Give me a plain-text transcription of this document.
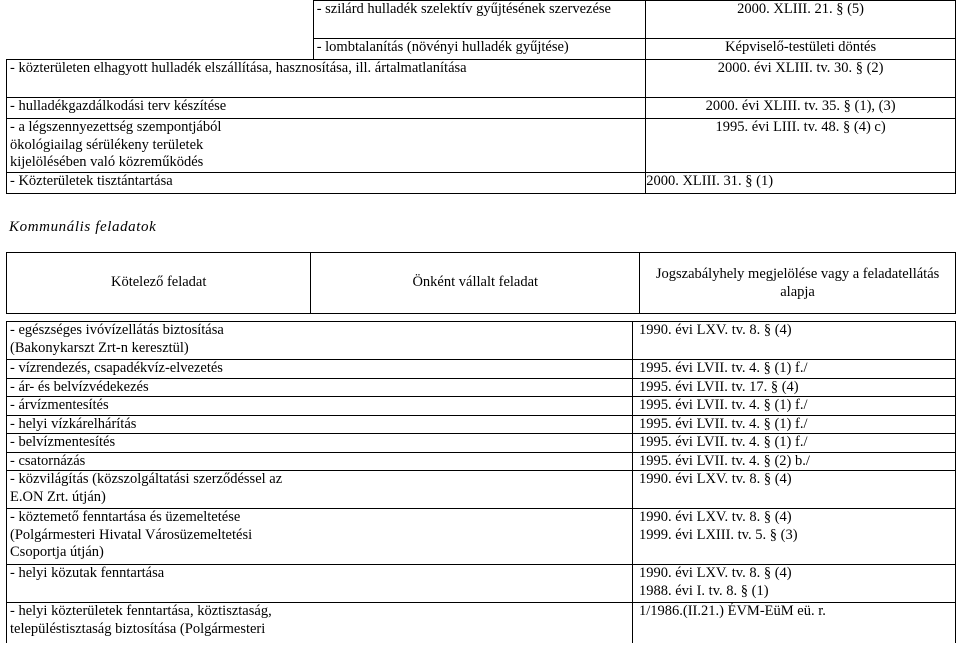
	- szilárd hulladék szelektív gyűjtésének szervezése	2000. XLIII. 21. § (5)
	- lombtalanítás (növényi hulladék gyűjtése)	Képviselő-testületi döntés

- közterületen elhagyott hulladék elszállítása, hasznosítása, ill. ártalmatlanítása		2000. évi XLIII. tv. 30. § (2)
- hulladékgazdálkodási terv készítése		2000. évi XLIII. tv. 35. § (1), (3)

- a légszennyezettség szempontjából ökológiailag sérülékeny területek kijelölésében való közreműködés		1995. évi LIII. tv. 48. § (4) c)
- Közterületek tisztántartása		2000. XLIII. 31. § (1)
Kommunális feladatok
Kötelező feladat	Önként vállalt feladat	Jogszabályhely megjelölése vagy a feladatellátás alapja
- egészséges ivóvízellátás biztosítása (Bakonykarszt Zrt-n keresztül)	1990. évi LXV. tv. 8. § (4)
- vízrendezés, csapadékvíz-elvezetés	1995. évi LVII. tv. 4. § (1) f./
- ár- és belvízvédekezés	1995. évi LVII. tv. 17. § (4)
- árvízmentesítés	1995. évi LVII. tv. 4. § (1) f./
- helyi vízkárelhárítás	1995. évi LVII. tv. 4. § (1) f./
- belvízmentesítés	1995. évi LVII. tv. 4. § (1) f./
- csatornázás	1995. évi LVII. tv. 4. § (2) b./

- közvilágítás (közszolgáltatási szerződéssel az E.ON Zrt. útján)	1990. évi LXV. tv. 8. § (4)

- köztemető fenntartása és üzemeltetése (Polgármesteri Hivatal Városüzemeltetési Csoportja útján)	1990. évi LXV. tv. 8. § (4)
1999. évi LXIII. tv. 5. § (3)

- helyi közutak fenntartása	1990. évi LXV. tv. 8. § (4)
1988. évi I. tv. 8. § (1)

- helyi közterületek fenntartása, köztisztaság, településtisztaság biztosítása (Polgármesteri	1/1986.(II.21.) ÉVM-EüM eü. r.
